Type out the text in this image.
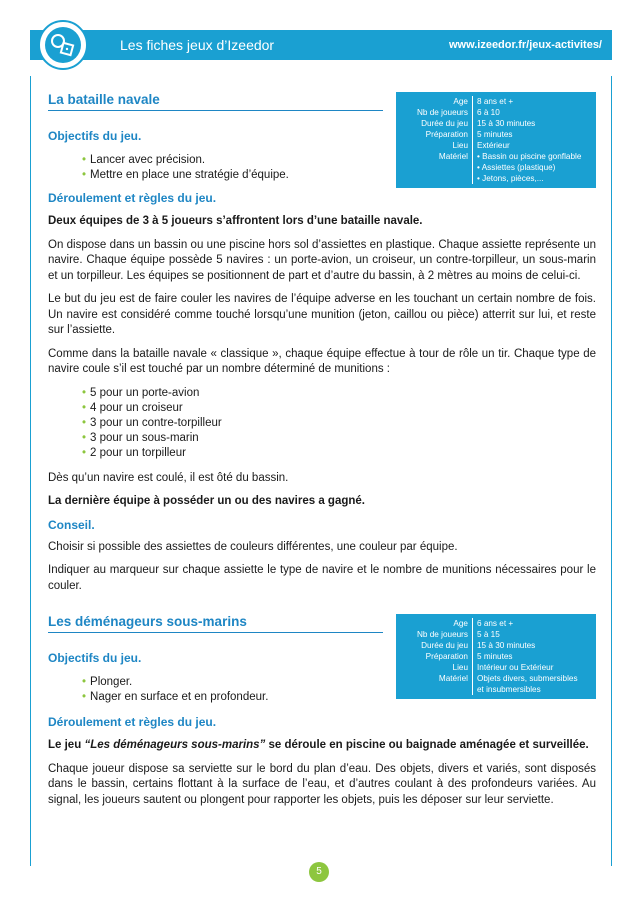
Les fiches jeux d’Izeedor	www.izeedor.fr/jeux-activites/
Age	8 ans et +
Nb de joueurs	6 à 10
Durée du jeu	15 à 30 minutes
Préparation	5 minutes
Lieu	Extérieur
Matériel	• Bassin ou piscine gonflable
• Assiettes (plastique)
• Jetons, pièces,...
La bataille navale

Objectifs du jeu.

• Lancer avec précision.
• Mettre en place une stratégie d’équipe.

Déroulement et règles du jeu.

Deux équipes de 3 à 5 joueurs s’affrontent lors d’une bataille navale.

On dispose dans un bassin ou une piscine hors sol d’assiettes en plastique. Chaque assiette représente un navire. Chaque équipe possède 5 navires : un porte-avion, un croiseur, un contre-torpilleur, un sous-marin et un torpilleur. Les équipes se positionnent de part et d’autre du bassin, à 2 mètres au moins de celui-ci.

Le but du jeu est de faire couler les navires de l’équipe adverse en les touchant un certain nombre de fois. Un navire est considéré comme touché lorsqu’une munition (jeton, caillou ou pièce) atterrit sur lui, et reste sur l’assiette.

Comme dans la bataille navale « classique », chaque équipe effectue à tour de rôle un tir. Chaque type de navire coule s’il est touché par un nombre déterminé de munitions :

• 5 pour un porte-avion
• 4 pour un croiseur
• 3 pour un contre-torpilleur
• 3 pour un sous-marin
• 2 pour un torpilleur

Dès qu’un navire est coulé, il est ôté du bassin.

La dernière équipe à posséder un ou des navires a gagné.

Conseil.

Choisir si possible des assiettes de couleurs différentes, une couleur par équipe.

Indiquer au marqueur sur chaque assiette le type de navire et le nombre de munitions nécessaires pour le couler.

Age	6 ans et +
Nb de joueurs	5 à 15
Durée du jeu	15 à 30 minutes
Préparation	5 minutes
Lieu	Intérieur ou Extérieur
Matériel	Objets divers, submersibles
et insubmersibles
Les déménageurs sous-marins

Objectifs du jeu.

• Plonger.
• Nager en surface et en profondeur.

Déroulement et règles du jeu.

Le jeu “Les déménageurs sous-marins” se déroule en piscine ou baignade aménagée et surveillée.

Chaque joueur dispose sa serviette sur le bord du plan d’eau. Des objets, divers et variés, sont disposés dans le bassin, certains flottant à la surface de l’eau, et d’autres coulant à des profondeurs variées. Au signal, les joueurs sautent ou plongent pour rapporter les objets, puis les déposer sur leur serviette.

5
